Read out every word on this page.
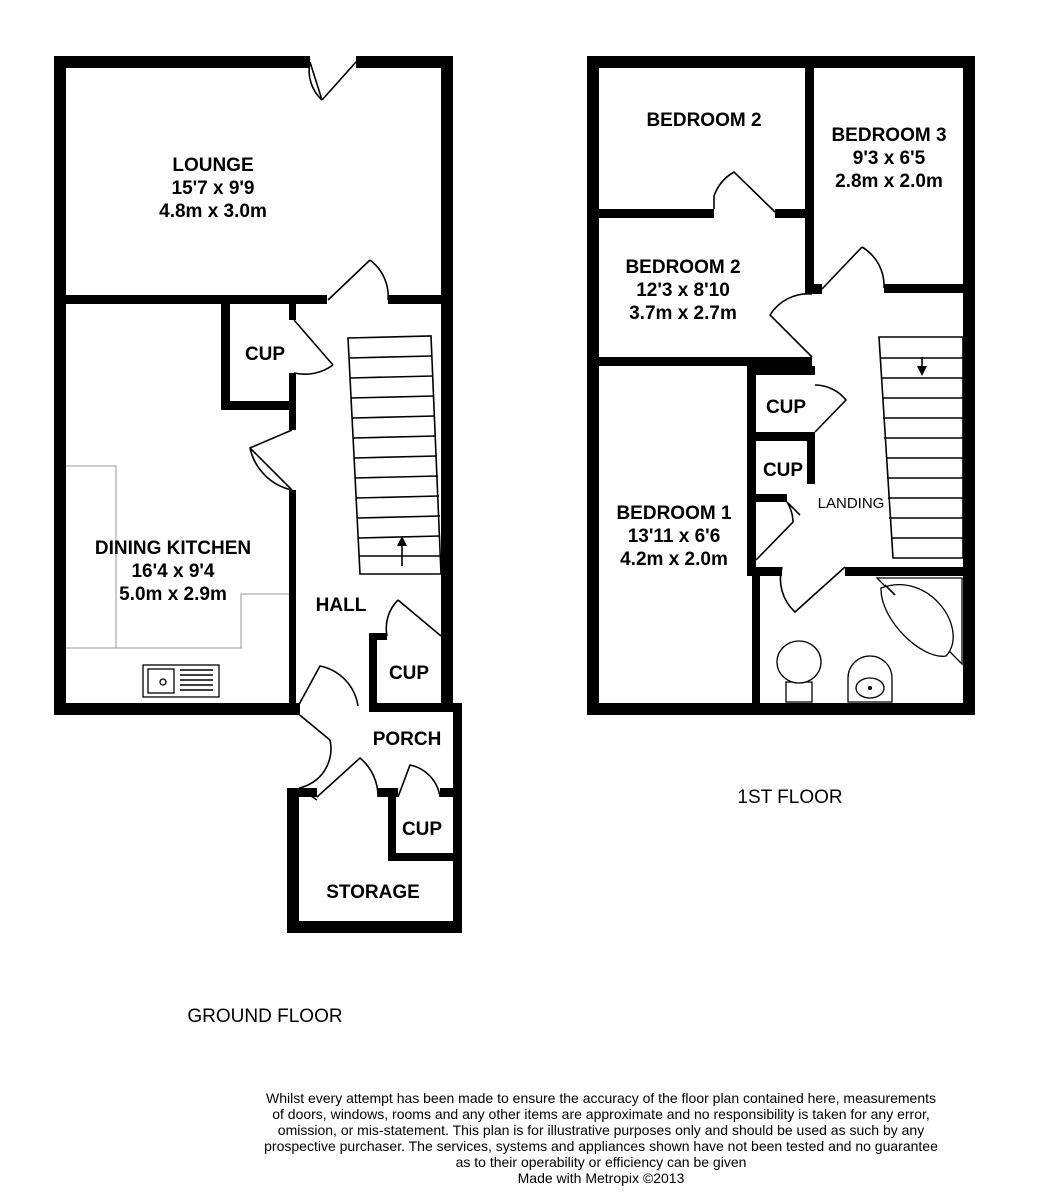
LOUNGE
15'7 x 9'9
4.8m x 3.0m
DINING KITCHEN
16'4 x 9'4
5.0m x 2.9m
CUP
HALL
CUP
PORCH
CUP
STORAGE
GROUND FLOOR
BEDROOM 2
BEDROOM 3
9'3 x 6'5
2.8m x 2.0m
BEDROOM 2
12'3 x 8'10
3.7m x 2.7m
CUP
CUP
LANDING
BEDROOM 1
13'11 x 6'6
4.2m x 2.0m
1ST FLOOR
Whilst every attempt has been made to ensure the accuracy of the floor plan contained here, measurements
of doors, windows, rooms and any other items are approximate and no responsibility is taken for any error,
omission, or mis-statement. This plan is for illustrative purposes only and should be used as such by any
prospective purchaser. The services, systems and appliances shown have not been tested and no guarantee
as to their operability or efficiency can be given
Made with Metropix ©2013
